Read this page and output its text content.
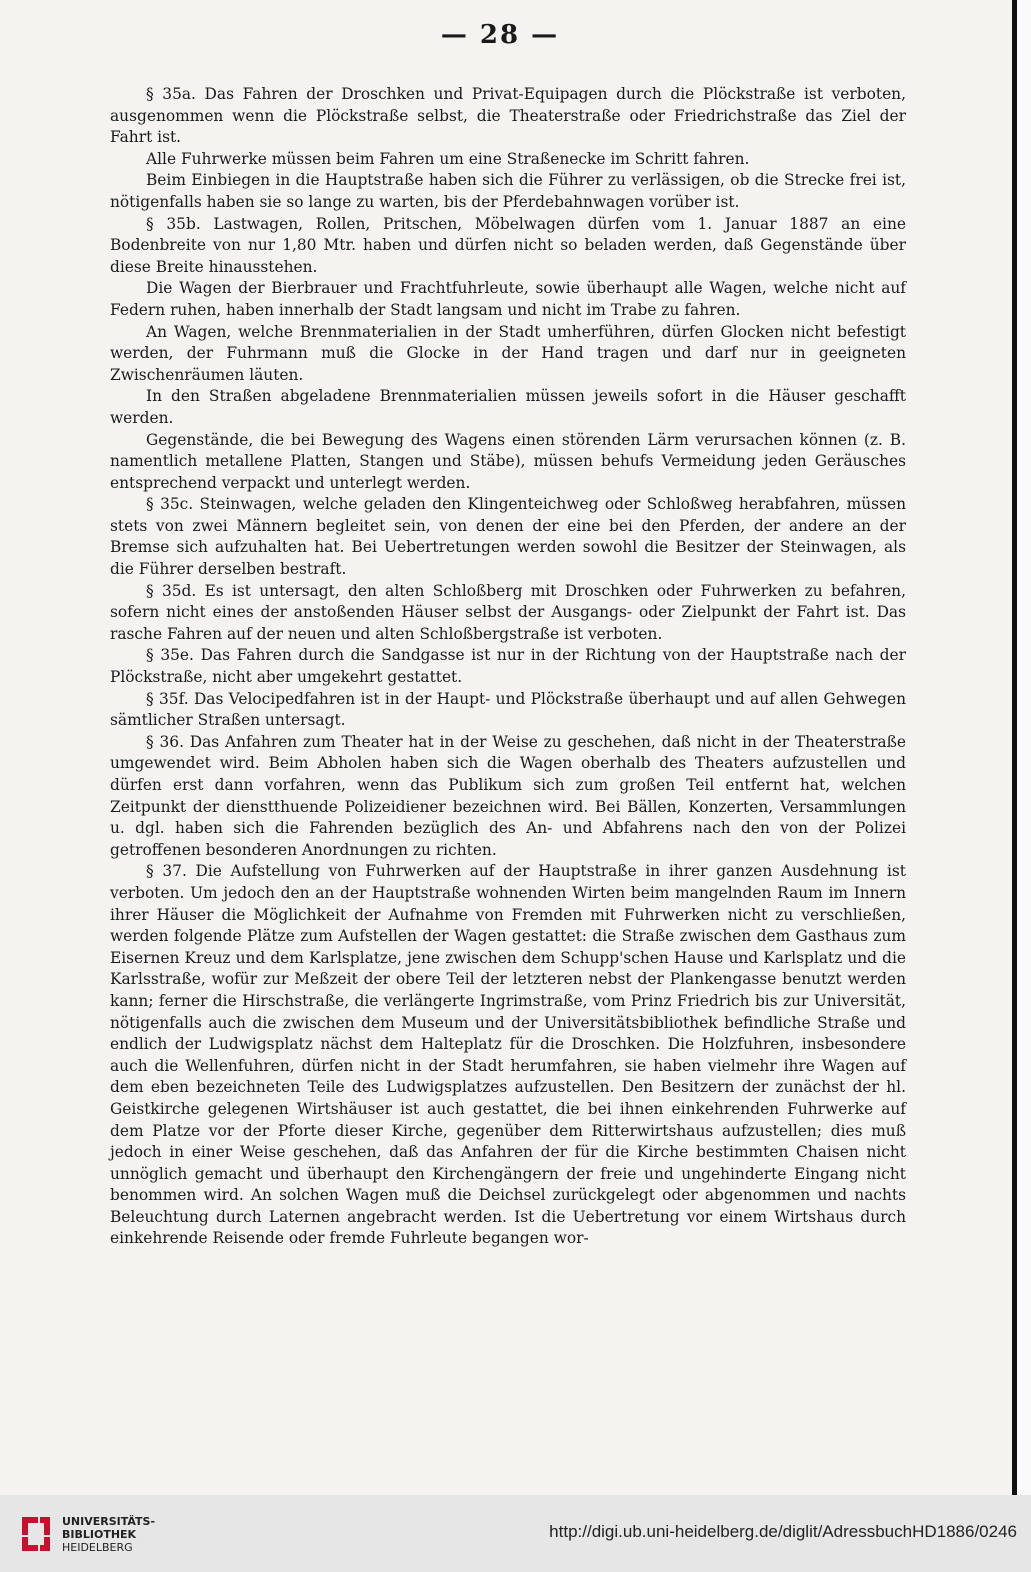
— 28 —

§ 35a. Das Fahren der Droschken und Privat-Equipagen durch die Plöckstraße ist verboten, ausgenommen wenn die Plöckstraße selbst, die Theaterstraße oder Friedrichstraße das Ziel der Fahrt ist.

Alle Fuhrwerke müssen beim Fahren um eine Straßenecke im Schritt fahren.

Beim Einbiegen in die Hauptstraße haben sich die Führer zu verlässigen, ob die Strecke frei ist, nötigenfalls haben sie so lange zu warten, bis der Pferdebahnwagen vorüber ist.

§ 35b. Lastwagen, Rollen, Pritschen, Möbelwagen dürfen vom 1. Januar 1887 an eine Bodenbreite von nur 1,80 Mtr. haben und dürfen nicht so beladen werden, daß Gegenstände über diese Breite hinausstehen.

Die Wagen der Bierbrauer und Frachtfuhrleute, sowie überhaupt alle Wagen, welche nicht auf Federn ruhen, haben innerhalb der Stadt langsam und nicht im Trabe zu fahren.

An Wagen, welche Brennmaterialien in der Stadt umherführen, dürfen Glocken nicht befestigt werden, der Fuhrmann muß die Glocke in der Hand tragen und darf nur in geeigneten Zwischenräumen läuten.

In den Straßen abgeladene Brennmaterialien müssen jeweils sofort in die Häuser geschafft werden.

Gegenstände, die bei Bewegung des Wagens einen störenden Lärm verursachen können (z. B. namentlich metallene Platten, Stangen und Stäbe), müssen behufs Vermeidung jeden Geräusches entsprechend verpackt und unterlegt werden.

§ 35c. Steinwagen, welche geladen den Klingenteichweg oder Schloßweg herabfahren, müssen stets von zwei Männern begleitet sein, von denen der eine bei den Pferden, der andere an der Bremse sich aufzuhalten hat. Bei Uebertretungen werden sowohl die Besitzer der Steinwagen, als die Führer derselben bestraft.

§ 35d. Es ist untersagt, den alten Schloßberg mit Droschken oder Fuhrwerken zu befahren, sofern nicht eines der anstoßenden Häuser selbst der Ausgangs- oder Zielpunkt der Fahrt ist. Das rasche Fahren auf der neuen und alten Schloßbergstraße ist verboten.

§ 35e. Das Fahren durch die Sandgasse ist nur in der Richtung von der Hauptstraße nach der Plöckstraße, nicht aber umgekehrt gestattet.

§ 35f. Das Velocipedfahren ist in der Haupt- und Plöckstraße überhaupt und auf allen Gehwegen sämtlicher Straßen untersagt.

§ 36. Das Anfahren zum Theater hat in der Weise zu geschehen, daß nicht in der Theaterstraße umgewendet wird. Beim Abholen haben sich die Wagen oberhalb des Theaters aufzustellen und dürfen erst dann vorfahren, wenn das Publikum sich zum großen Teil entfernt hat, welchen Zeitpunkt der dienstthuende Polizeidiener bezeichnen wird. Bei Bällen, Konzerten, Versammlungen u. dgl. haben sich die Fahrenden bezüglich des An- und Abfahrens nach den von der Polizei getroffenen besonderen Anordnungen zu richten.

§ 37. Die Aufstellung von Fuhrwerken auf der Hauptstraße in ihrer ganzen Ausdehnung ist verboten. Um jedoch den an der Hauptstraße wohnenden Wirten beim mangelnden Raum im Innern ihrer Häuser die Möglichkeit der Aufnahme von Fremden mit Fuhrwerken nicht zu verschließen, werden folgende Plätze zum Aufstellen der Wagen gestattet: die Straße zwischen dem Gasthaus zum Eisernen Kreuz und dem Karlsplatze, jene zwischen dem Schupp'schen Hause und Karlsplatz und die Karlsstraße, wofür zur Meßzeit der obere Teil der letzteren nebst der Plankengasse benutzt werden kann; ferner die Hirschstraße, die verlängerte Ingrimstraße, vom Prinz Friedrich bis zur Universität, nötigenfalls auch die zwischen dem Museum und der Universitätsbibliothek befindliche Straße und endlich der Ludwigsplatz nächst dem Halteplatz für die Droschken. Die Holzfuhren, insbesondere auch die Wellenfuhren, dürfen nicht in der Stadt herumfahren, sie haben vielmehr ihre Wagen auf dem eben bezeichneten Teile des Ludwigsplatzes aufzustellen. Den Besitzern der zunächst der hl. Geistkirche gelegenen Wirtshäuser ist auch gestattet, die bei ihnen einkehrenden Fuhrwerke auf dem Platze vor der Pforte dieser Kirche, gegenüber dem Ritterwirtshaus aufzustellen; dies muß jedoch in einer Weise geschehen, daß das Anfahren der für die Kirche bestimmten Chaisen nicht unnöglich gemacht und überhaupt den Kirchengängern der freie und ungehinderte Eingang nicht benommen wird. An solchen Wagen muß die Deichsel zurückgelegt oder abgenommen und nachts Beleuchtung durch Laternen angebracht werden. Ist die Uebertretung vor einem Wirtshaus durch einkehrende Reisende oder fremde Fuhrleute begangen wor-

UNIVERSITÄTS-
BIBLIOTHEK
HEIDELBERG
http://digi.ub.uni-heidelberg.de/diglit/AdressbuchHD1886/0246
